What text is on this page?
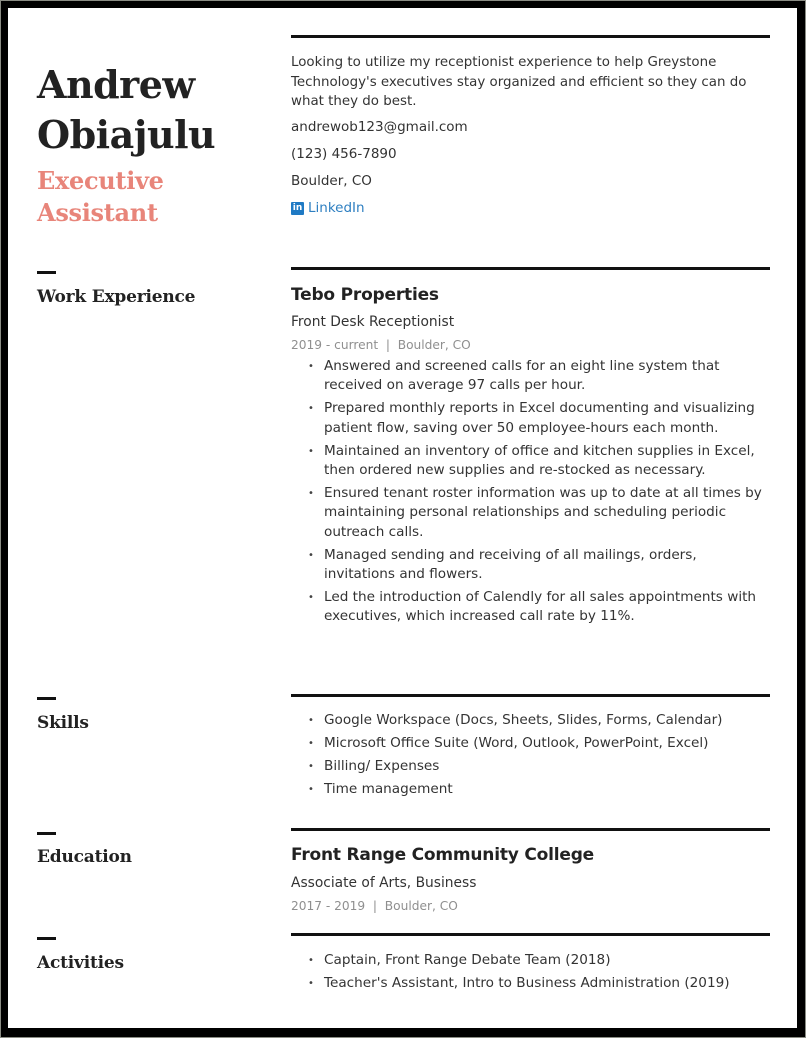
Andrew
Obiajulu
Executive
Assistant
Work Experience
Skills
Education
Activities
Looking to utilize my receptionist experience to help Greystone Technology's executives stay organized and efficient so they can do what they do best.
andrewob123@gmail.com
(123) 456-7890
Boulder, CO
in LinkedIn
Tebo Properties
Front Desk Receptionist
2019 - current  |  Boulder, CO
• Answered and screened calls for an eight line system that received on average 97 calls per hour.
• Prepared monthly reports in Excel documenting and visualizing patient flow, saving over 50 employee-hours each month.
• Maintained an inventory of office and kitchen supplies in Excel, then ordered new supplies and re-stocked as necessary.
• Ensured tenant roster information was up to date at all times by maintaining personal relationships and scheduling periodic outreach calls.
• Managed sending and receiving of all mailings, orders, invitations and flowers.
• Led the introduction of Calendly for all sales appointments with executives, which increased call rate by 11%.
• Google Workspace (Docs, Sheets, Slides, Forms, Calendar)
• Microsoft Office Suite (Word, Outlook, PowerPoint, Excel)
• Billing/ Expenses
• Time management
Front Range Community College
Associate of Arts, Business
2017 - 2019  |  Boulder, CO
• Captain, Front Range Debate Team (2018)
• Teacher's Assistant, Intro to Business Administration (2019)
